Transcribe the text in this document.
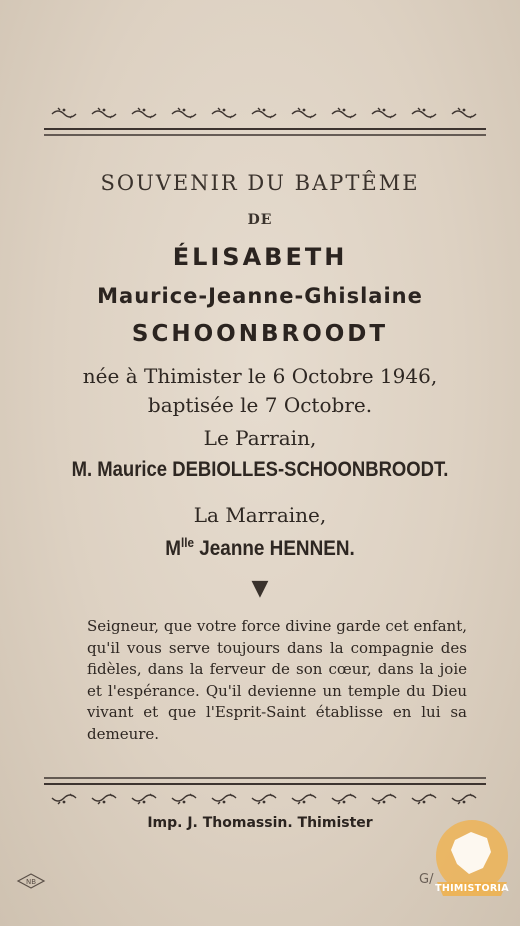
SOUVENIR DU BAPTÊME
DE
ÉLISABETH
Maurice-Jeanne-Ghislaine
SCHOONBROODT
née à Thimister le 6 Octobre 1946,
baptisée le 7 Octobre.
Le Parrain,
M. Maurice DEBIOLLES-SCHOONBROODT.
La Marraine,
$M^{lle}$ Jeanne HENNEN.
▼
Seigneur, que votre force divine garde cet enfant, qu'il vous serve toujours dans la compagnie des fidèles, dans la ferveur de son cœur, dans la joie et l'espérance. Qu'il devienne un temple du Dieu vivant et que l'Esprit-Saint établisse en lui sa demeure.
Imp. J. Thomassin. Thimister
NB	G/
THIMISTORIA
